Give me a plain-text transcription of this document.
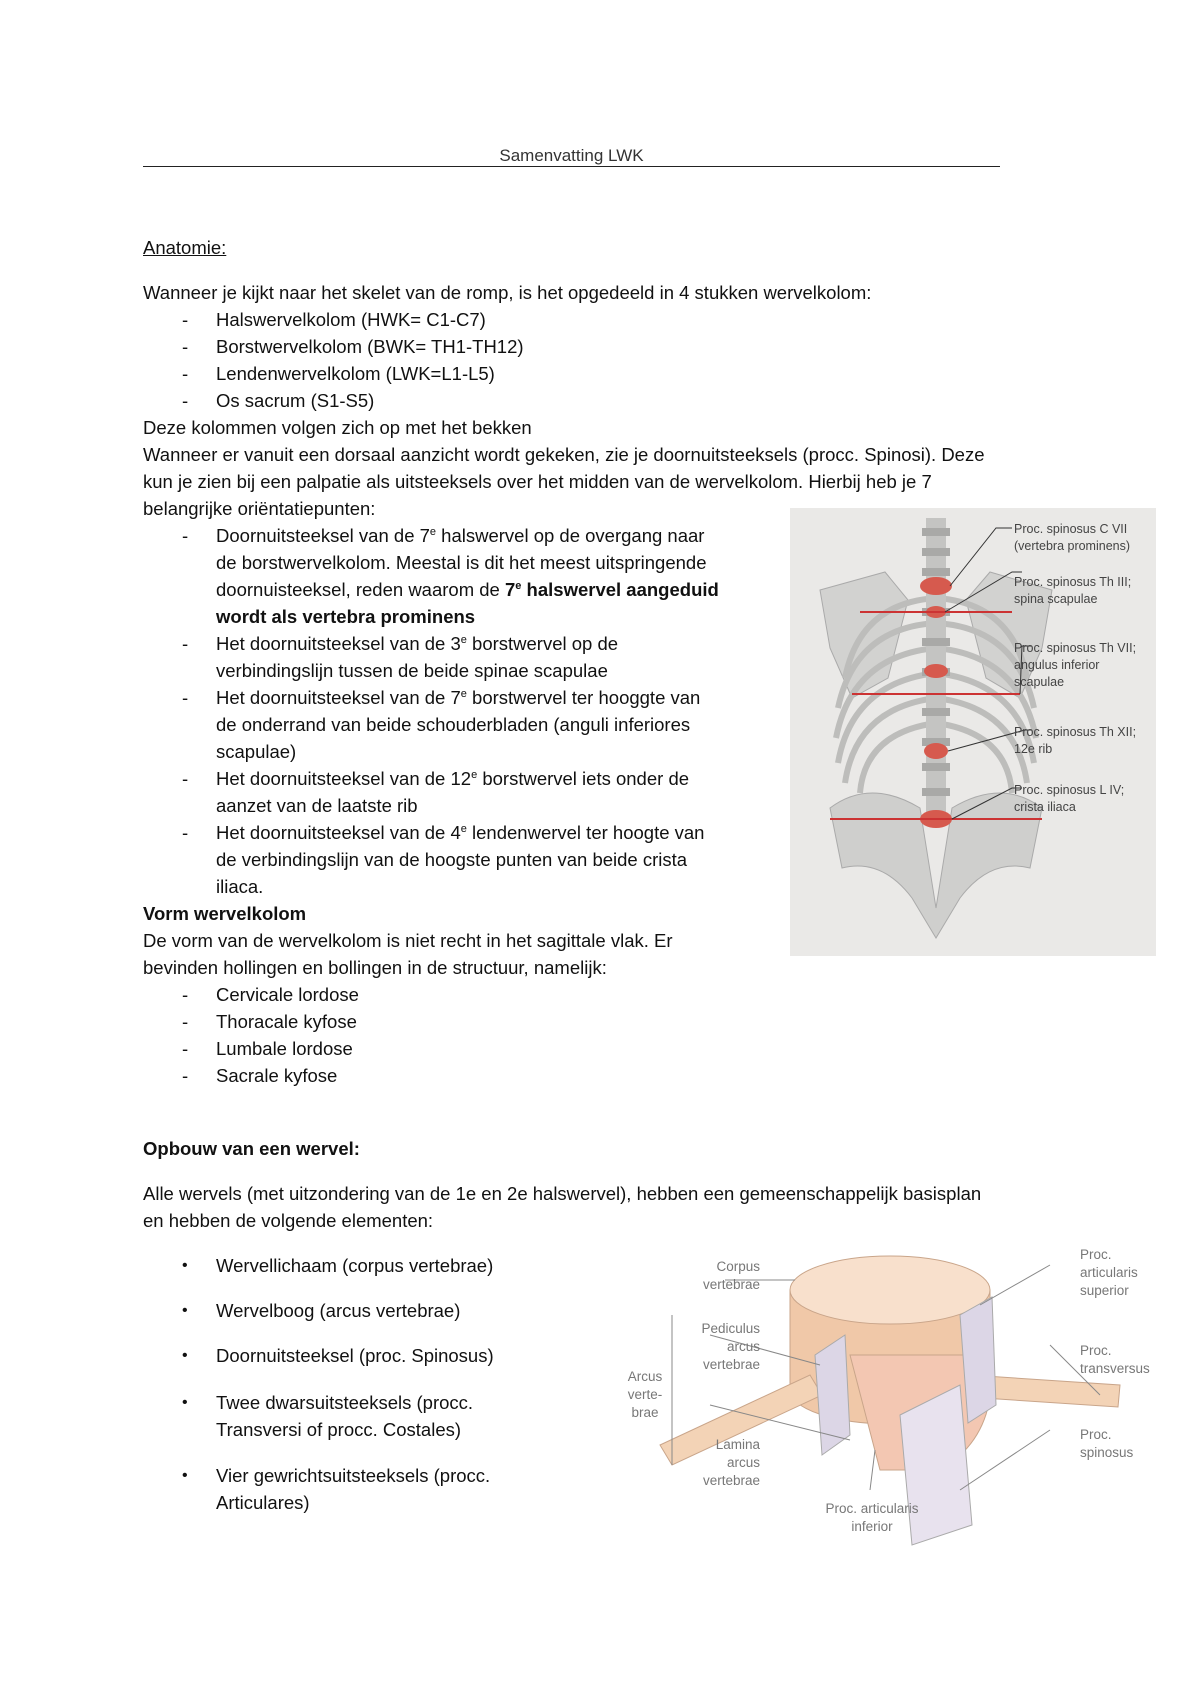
Samenvatting LWK
Anatomie:
Wanneer je kijkt naar het skelet van de romp, is het opgedeeld in 4 stukken wervelkolom:
- Halswervelkolom (HWK= C1-C7)
- Borstwervelkolom (BWK= TH1-TH12)
- Lendenwervelkolom (LWK=L1-L5)
- Os sacrum (S1-S5)
Deze kolommen volgen zich op met het bekken
Wanneer er vanuit een dorsaal aanzicht wordt gekeken, zie je doornuitsteeksels (procc. Spinosi). Deze
kun je zien bij een palpatie als uitsteeksels over het midden van de wervelkolom. Hierbij heb je 7
belangrijke oriëntatiepunten:
- Doornuitsteeksel van de 7e halswervel op de overgang naar
de borstwervelkolom. Meestal is dit het meest uitspringende
doornuisteeksel, reden waarom de 7e halswervel aangeduid
wordt als vertebra prominens
- Het doornuitsteeksel van de 3e borstwervel op de
verbindingslijn tussen de beide spinae scapulae
- Het doornuitsteeksel van de 7e borstwervel ter hooggte van
de onderrand van beide schouderbladen (anguli inferiores
scapulae)
- Het doornuitsteeksel van de 12e borstwervel iets onder de
aanzet van de laatste rib
- Het doornuitsteeksel van de 4e lendenwervel ter hoogte van
de verbindingslijn van de hoogste punten van beide crista
iliaca.
Vorm wervelkolom
De vorm van de wervelkolom is niet recht in het sagittale vlak. Er
bevinden hollingen en bollingen in de structuur, namelijk:
- Cervicale lordose
- Thoracale kyfose
- Lumbale lordose
- Sacrale kyfose
Proc. spinosus C VII (vertebra prominens)
Proc. spinosus Th III; spina scapulae
Proc. spinosus Th VII; angulus inferior scapulae
Proc. spinosus Th XII; 12e rib
Proc. spinosus L IV; crista iliaca
Opbouw van een wervel:
Alle wervels (met uitzondering van de 1e en 2e halswervel), hebben een gemeenschappelijk basisplan
en hebben de volgende elementen:
• Wervellichaam (corpus vertebrae)
• Wervelboog (arcus vertebrae)
• Doornuitsteeksel (proc. Spinosus)
• Twee dwarsuitsteeksels (procc.
Transversi of procc. Costales)
• Vier gewrichtsuitsteeksels (procc.
Articulares)
Corpus vertebrae
Pediculus arcus vertebrae
Arcus verte-brae
Lamina arcus vertebrae
Proc. articularis inferior
Proc. articularis superior
Proc. transversus
Proc. spinosus
